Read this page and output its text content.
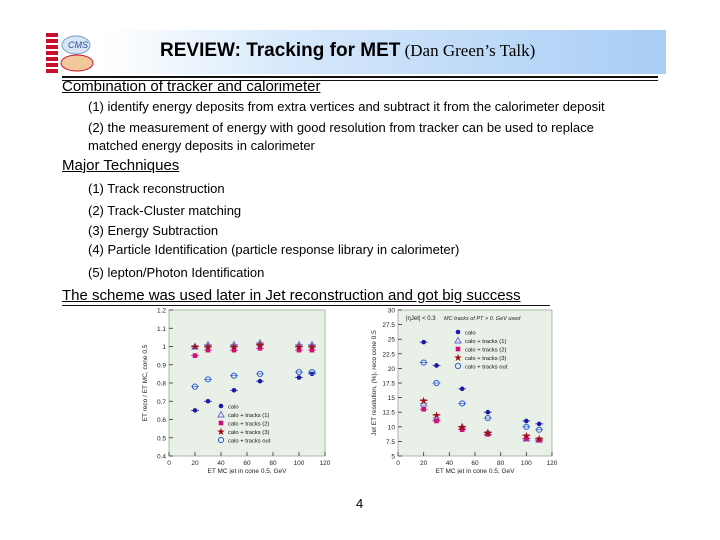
CMS	REVIEW: Tracking for MET (Dan Green’s Talk)
Combination of tracker and calorimeter
(1) identify energy deposits from extra vertices and subtract it from the calorimeter deposit
(2) the measurement of energy with good resolution from tracker can be used to replace
matched energy deposits in calorimeter
Major Techniques
(1) Track reconstruction
(2) Track-Cluster matching
(3) Energy Subtraction
(4) Particle Identification (particle response library in calorimeter)
(5) lepton/Photon Identification
The scheme was used later in Jet reconstruction and got big success
0.4
0.5
0.6
0.7
0.8
0.9
1
1.1
1.2
0	20	40	60	80	100 120
ET MC jet in cone 0.5, GeV
ET reco / ET MC, cone 0.5	★ ★ ★ ★	★ ★
calo
calo + tracks (1)
calo + tracks (2)
★ calo + tracks (3)
calo + tracks out
5
7.5
10
12.5
15
17.5
20
22.5
25
27.5
30
0	20	40	60	80	100 120
ET MC jet in cone 0.5, GeV
Jet ET resolution, (%), reco cone 0.5	★
★
★
★	★ ★
calo
calo + tracks (1)
calo + tracks (2)
★ calo + tracks (3)
calo + tracks out
|ηJet| < 0.3 MC tracks of PT > 0. GeV used
4
